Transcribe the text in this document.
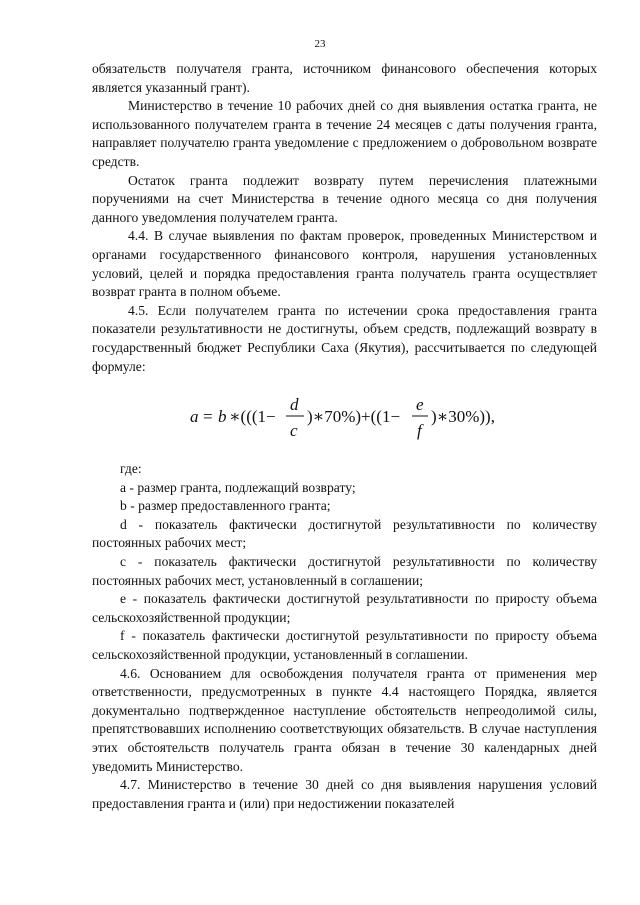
23

обязательств получателя гранта, источником финансового обеспечения которых является указанный грант).

Министерство в течение 10 рабочих дней со дня выявления остатка гранта, не использованного получателем гранта в течение 24 месяцев с даты получения гранта, направляет получателю гранта уведомление с предложением о добровольном возврате средств.

Остаток гранта подлежит возврату путем перечисления платежными поручениями на счет Министерства в течение одного месяца со дня получения данного уведомления получателем гранта.

4.4. В случае выявления по фактам проверок, проведенных Министерством и органами государственного финансового контроля, нарушения установленных условий, целей и порядка предоставления гранта получатель гранта осуществляет возврат гранта в полном объеме.

4.5. Если получателем гранта по истечении срока предоставления гранта показатели результативности не достигнуты, объем средств, подлежащий возврату в государственный бюджет Республики Саха (Якутия), рассчитывается по следующей формуле:

a = b ∗(((1−
d
c
)∗70%)+((1−
e
f
)∗30%)),

где:

a - размер гранта, подлежащий возврату;

b - размер предоставленного гранта;

d - показатель фактически достигнутой результативности по количеству постоянных рабочих мест;

c - показатель фактически достигнутой результативности по количеству постоянных рабочих мест, установленный в соглашении;

e - показатель фактически достигнутой результативности по приросту объема сельскохозяйственной продукции;

f - показатель фактически достигнутой результативности по приросту объема сельскохозяйственной продукции, установленный в соглашении.

4.6. Основанием для освобождения получателя гранта от применения мер ответственности, предусмотренных в пункте 4.4 настоящего Порядка, является документально подтвержденное наступление обстоятельств непреодолимой силы, препятствовавших исполнению соответствующих обязательств. В случае наступления этих обстоятельств получатель гранта обязан в течение 30 календарных дней уведомить Министерство.

4.7. Министерство в течение 30 дней со дня выявления нарушения условий предоставления гранта и (или) при недостижении показателей
